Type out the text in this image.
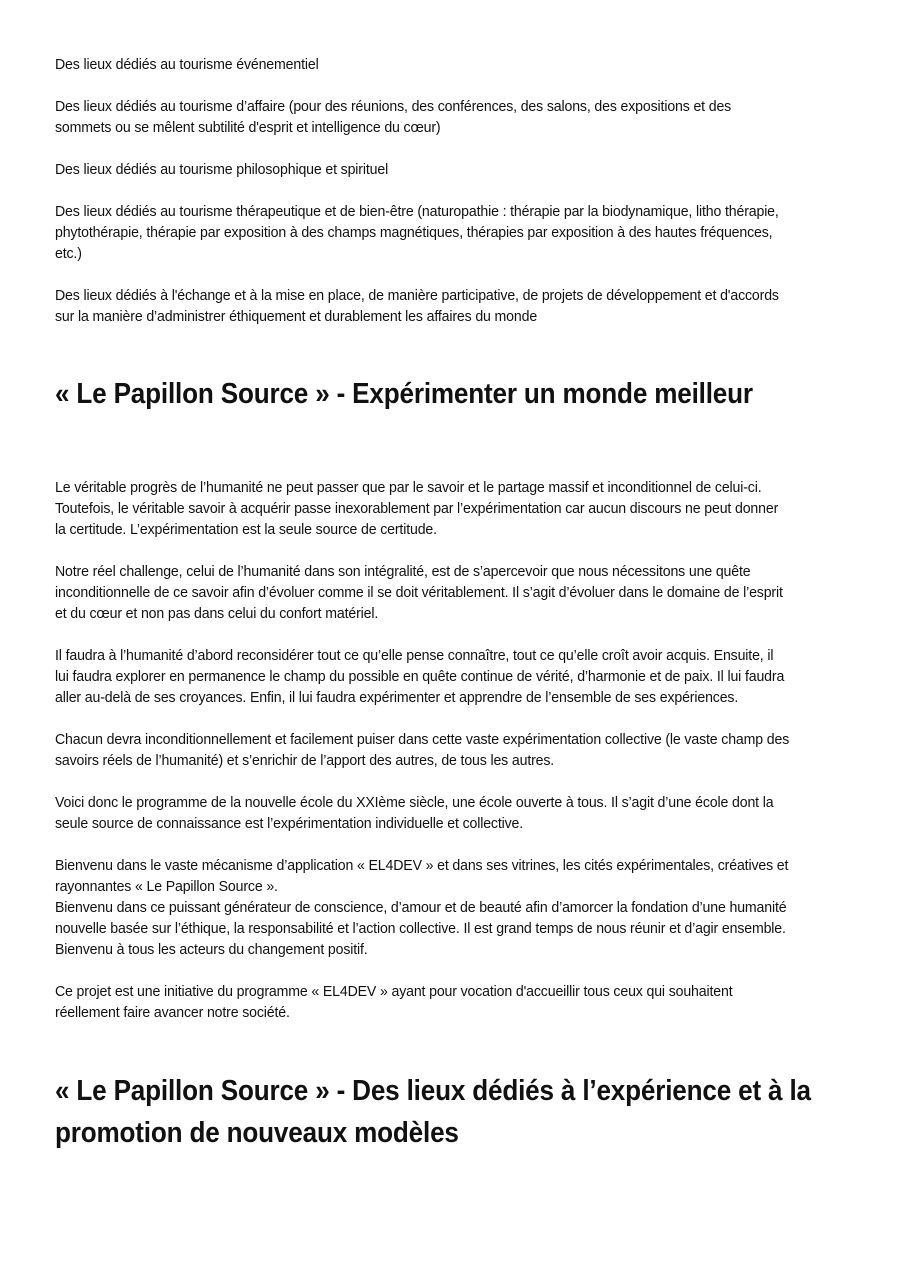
Des lieux dédiés au tourisme événementiel

Des lieux dédiés au tourisme d’affaire (pour des réunions, des conférences, des salons, des expositions et des
sommets ou se mêlent subtilité d'esprit et intelligence du cœur)

Des lieux dédiés au tourisme philosophique et spirituel

Des lieux dédiés au tourisme thérapeutique et de bien-être (naturopathie : thérapie par la biodynamique, litho thérapie,
phytothérapie, thérapie par exposition à des champs magnétiques, thérapies par exposition à des hautes fréquences,
etc.)

Des lieux dédiés à l'échange et à la mise en place, de manière participative, de projets de développement et d'accords
sur la manière d’administrer éthiquement et durablement les affaires du monde

« Le Papillon Source » - Expérimenter un monde meilleur

Le véritable progrès de l’humanité ne peut passer que par le savoir et le partage massif et inconditionnel de celui-ci.
Toutefois, le véritable savoir à acquérir passe inexorablement par l’expérimentation car aucun discours ne peut donner
la certitude. L’expérimentation est la seule source de certitude.

Notre réel challenge, celui de l’humanité dans son intégralité, est de s’apercevoir que nous nécessitons une quête
inconditionnelle de ce savoir afin d’évoluer comme il se doit véritablement. Il s’agit d’évoluer dans le domaine de l’esprit
et du cœur et non pas dans celui du confort matériel.

Il faudra à l’humanité d’abord reconsidérer tout ce qu’elle pense connaître, tout ce qu’elle croît avoir acquis. Ensuite, il
lui faudra explorer en permanence le champ du possible en quête continue de vérité, d’harmonie et de paix. Il lui faudra
aller au-delà de ses croyances. Enfin, il lui faudra expérimenter et apprendre de l’ensemble de ses expériences.

Chacun devra inconditionnellement et facilement puiser dans cette vaste expérimentation collective (le vaste champ des
savoirs réels de l’humanité) et s’enrichir de l’apport des autres, de tous les autres.

Voici donc le programme de la nouvelle école du XXIème siècle, une école ouverte à tous. Il s’agit d’une école dont la
seule source de connaissance est l’expérimentation individuelle et collective.

Bienvenu dans le vaste mécanisme d’application « EL4DEV » et dans ses vitrines, les cités expérimentales, créatives et
rayonnantes « Le Papillon Source ».
Bienvenu dans ce puissant générateur de conscience, d’amour et de beauté afin d’amorcer la fondation d’une humanité
nouvelle basée sur l’éthique, la responsabilité et l’action collective. Il est grand temps de nous réunir et d’agir ensemble.
Bienvenu à tous les acteurs du changement positif.

Ce projet est une initiative du programme « EL4DEV » ayant pour vocation d'accueillir tous ceux qui souhaitent
réellement faire avancer notre société.

« Le Papillon Source » - Des lieux dédiés à l’expérience et à la
promotion de nouveaux modèles
